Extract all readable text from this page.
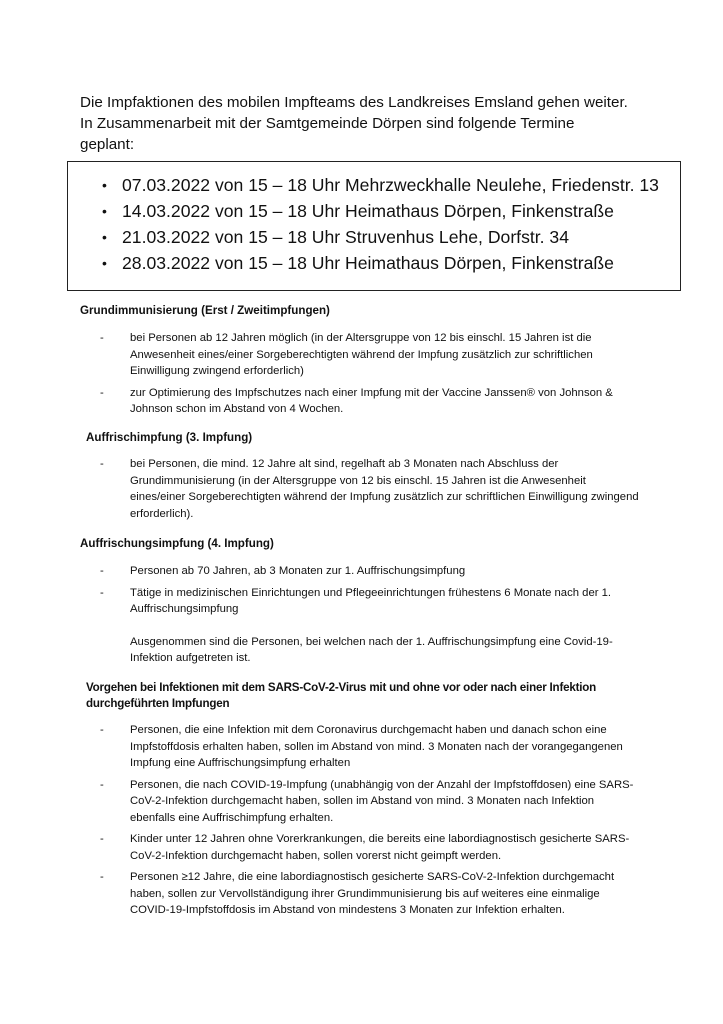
Die Impfaktionen des mobilen Impfteams des Landkreises Emsland gehen weiter.

In Zusammenarbeit mit der Samtgemeinde Dörpen sind folgende Termine

geplant:

• 07.03.2022 von 15 – 18 Uhr Mehrzweckhalle Neulehe, Friedenstr. 13
• 14.03.2022 von 15 – 18 Uhr Heimathaus Dörpen, Finkenstraße
• 21.03.2022 von 15 – 18 Uhr Struvenhus Lehe, Dorfstr. 34
• 28.03.2022 von 15 – 18 Uhr Heimathaus Dörpen, Finkenstraße
Grundimmunisierung (Erst / Zweitimpfungen)
- bei Personen ab 12 Jahren möglich (in der Altersgruppe von 12 bis einschl. 15 Jahren ist die Anwesenheit eines/einer Sorgeberechtigten während der Impfung zusätzlich zur schriftlichen Einwilligung zwingend erforderlich)
- zur Optimierung des Impfschutzes nach einer Impfung mit der Vaccine Janssen® von Johnson & Johnson schon im Abstand von 4 Wochen.
Auffrischimpfung (3. Impfung)
- bei Personen, die mind. 12 Jahre alt sind, regelhaft ab 3 Monaten nach Abschluss der Grundimmunisierung (in der Altersgruppe von 12 bis einschl. 15 Jahren ist die Anwesenheit eines/einer Sorgeberechtigten während der Impfung zusätzlich zur schriftlichen Einwilligung zwingend erforderlich).
Auffrischungsimpfung (4. Impfung)
- Personen ab 70 Jahren, ab 3 Monaten zur 1. Auffrischungsimpfung
- Tätige in medizinischen Einrichtungen und Pflegeeinrichtungen frühestens 6 Monate nach der 1. Auffrischungsimpfung
Ausgenommen sind die Personen, bei welchen nach der 1. Auffrischungsimpfung eine Covid-19-Infektion aufgetreten ist.
Vorgehen bei Infektionen mit dem SARS-CoV-2-Virus mit und ohne vor oder nach einer Infektion durchgeführten Impfungen
- Personen, die eine Infektion mit dem Coronavirus durchgemacht haben und danach schon eine Impfstoffdosis erhalten haben, sollen im Abstand von mind. 3 Monaten nach der vorangegangenen Impfung eine Auffrischungsimpfung erhalten
- Personen, die nach COVID-19-Impfung (unabhängig von der Anzahl der Impfstoffdosen) eine SARS-CoV-2-Infektion durchgemacht haben, sollen im Abstand von mind. 3 Monaten nach Infektion ebenfalls eine Auffrischimpfung erhalten.
- Kinder unter 12 Jahren ohne Vorerkrankungen, die bereits eine labordiagnostisch gesicherte SARS-CoV-2-Infektion durchgemacht haben, sollen vorerst nicht geimpft werden.
- Personen ≥12 Jahre, die eine labordiagnostisch gesicherte SARS-CoV-2-Infektion durchgemacht haben, sollen zur Vervollständigung ihrer Grundimmunisierung bis auf weiteres eine einmalige COVID-19-Impfstoffdosis im Abstand von mindestens 3 Monaten zur Infektion erhalten.
